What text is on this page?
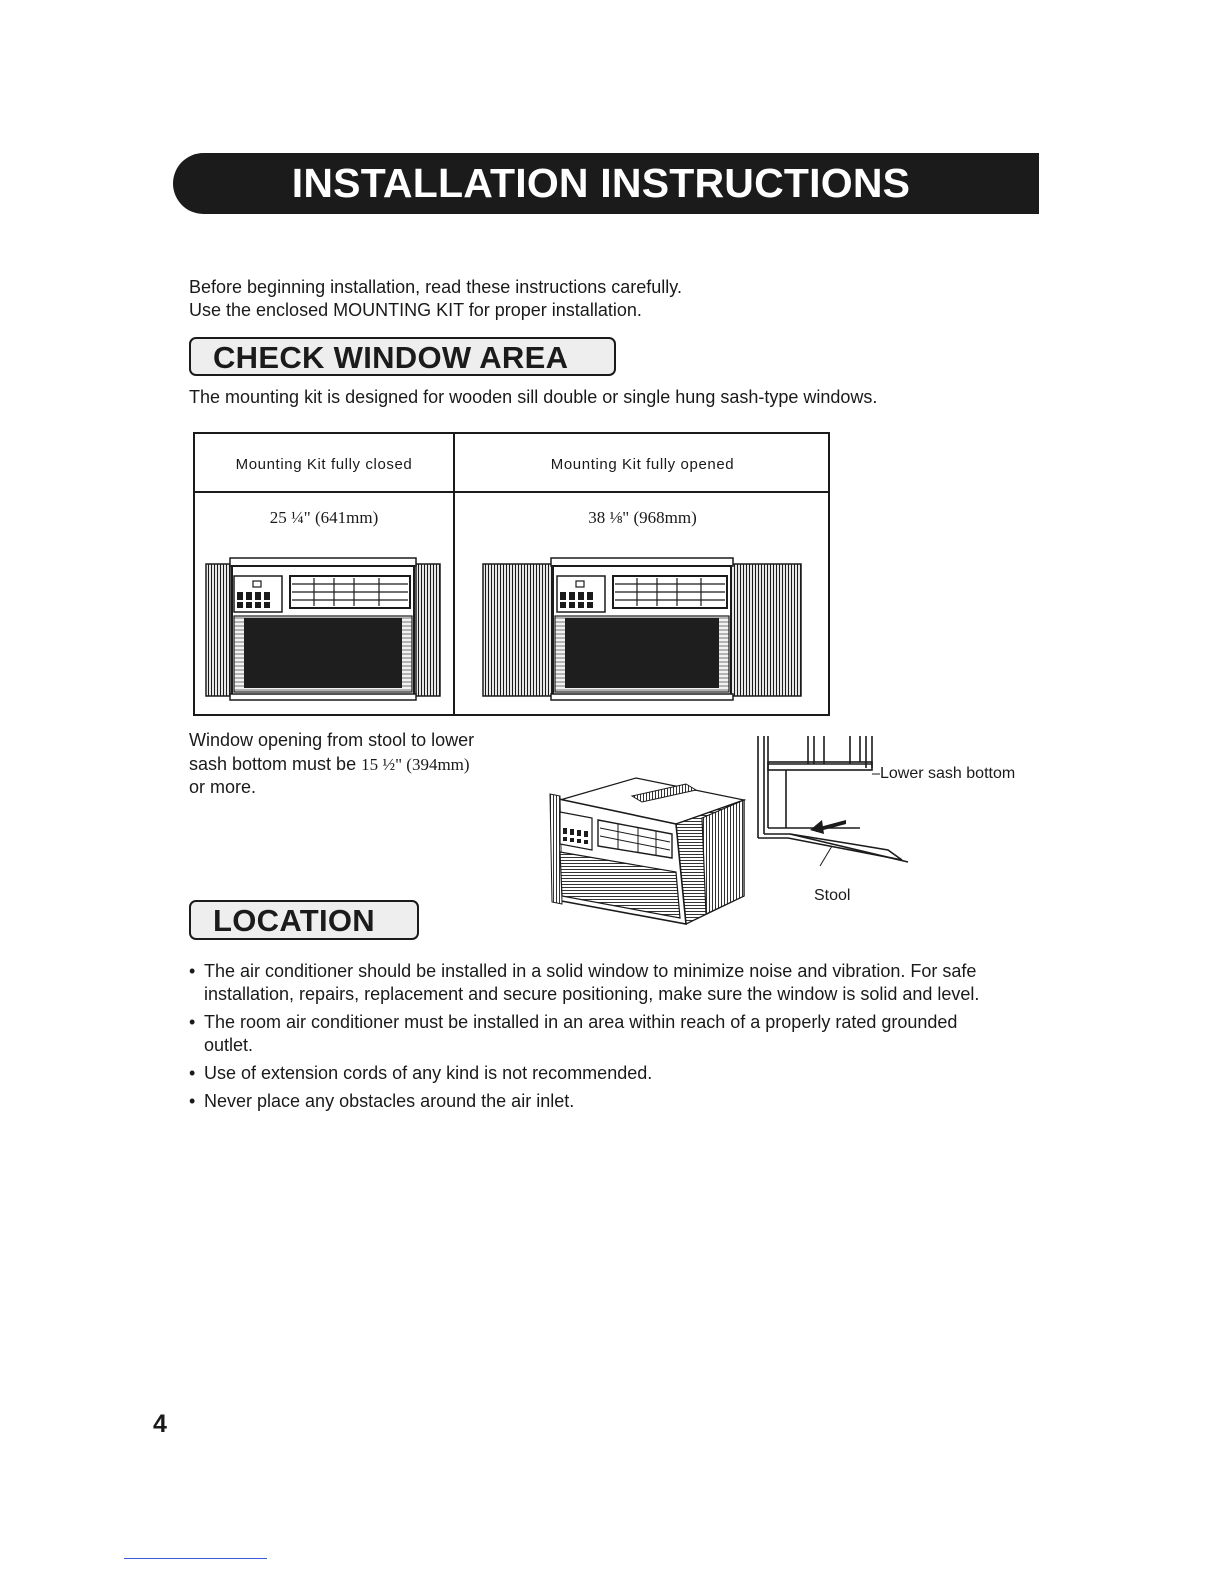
INSTALLATION INSTRUCTIONS

Before beginning installation, read these instructions carefully.

Use the enclosed MOUNTING KIT for proper installation.

CHECK WINDOW AREA
The mounting kit is designed for wooden sill double or single hung sash-type windows.
Mounting Kit fully closed	Mounting Kit fully opened
25 ¼" (641mm)	38 ⅛" (968mm)

Window opening from stool to lower

sash bottom must be 15 ½" (394mm)

or more.

Lower sash bottom
Stool
LOCATION
• The air conditioner should be installed in a solid window to minimize noise and vibration. For safe installation, repairs, replacement and secure positioning, make sure the window is solid and level.
• The room air conditioner must be installed in an area within reach of a properly rated grounded outlet.
• Use of extension cords of any kind is not recommended.
• Never place any obstacles around the air inlet.
4
